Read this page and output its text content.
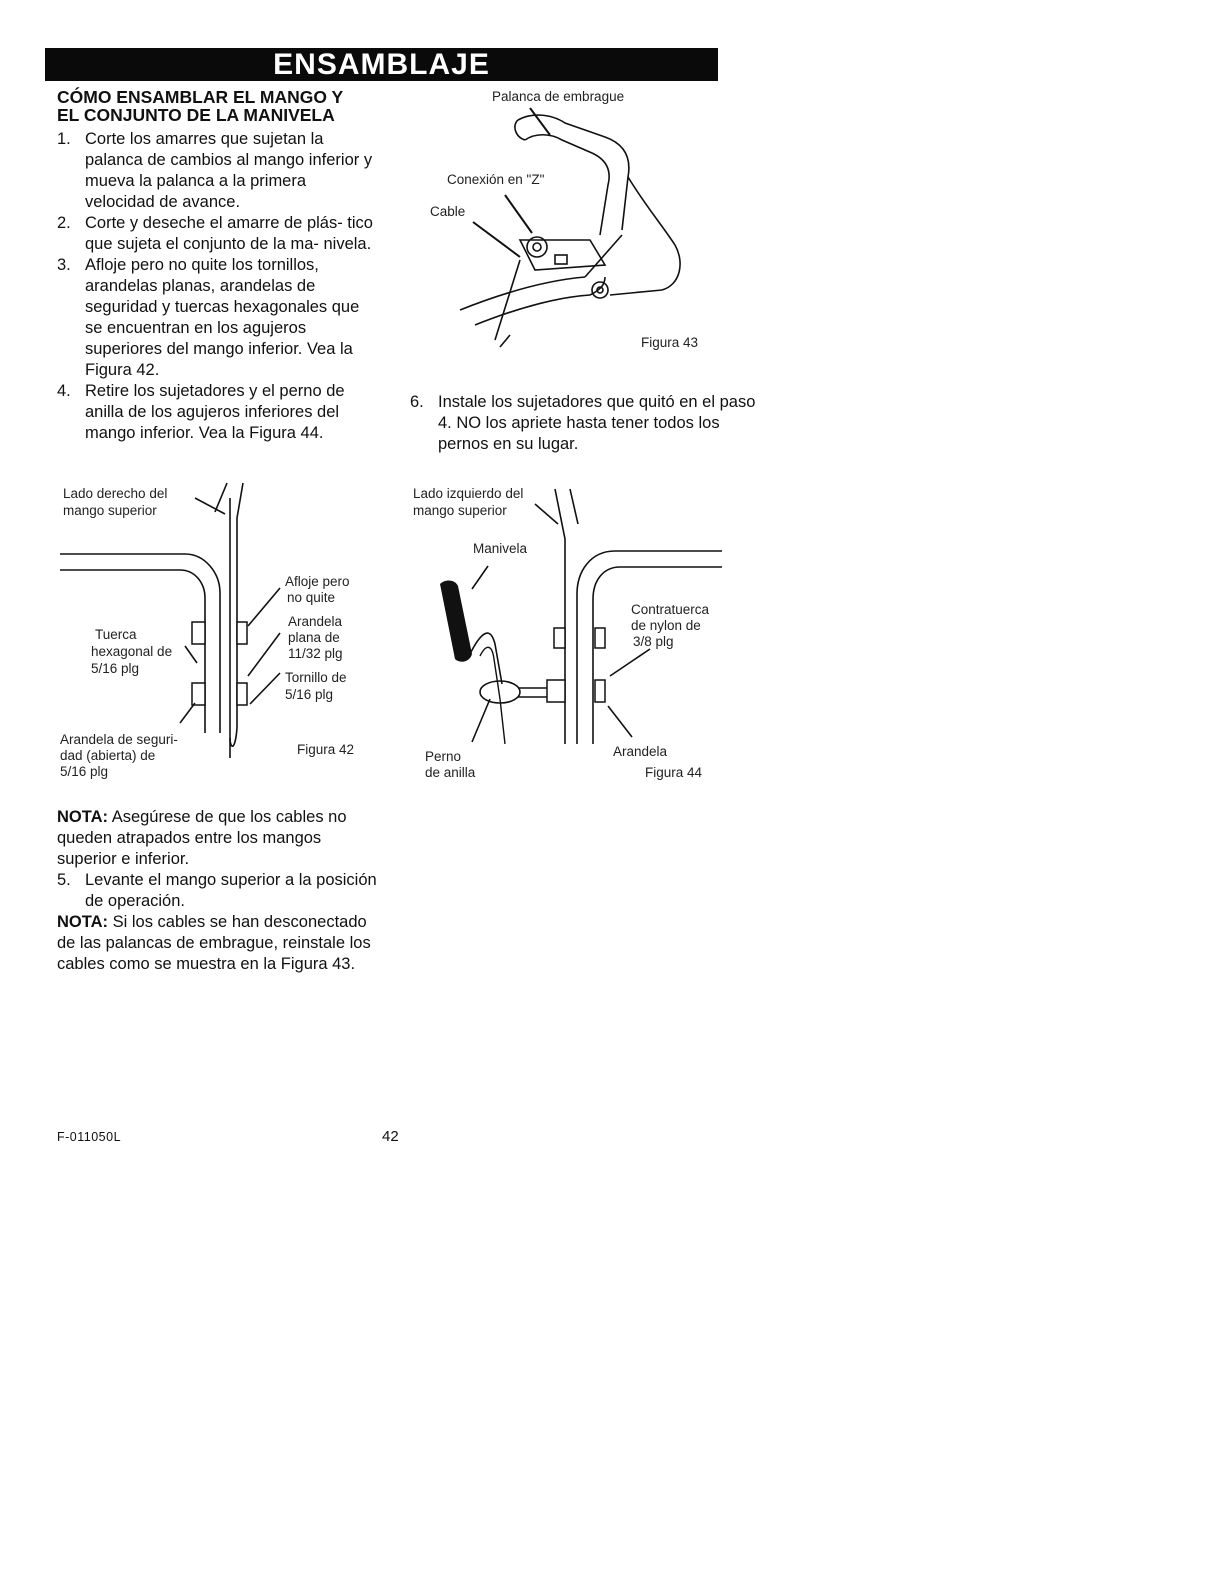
ENSAMBLAJE
CÓMO ENSAMBLAR EL MANGO Y
EL CONJUNTO DE LA MANIVELA
1. Corte los amarres que sujetan la palanca de cambios al mango inferior y mueva la palanca a la primera velocidad de avance.
2. Corte y deseche el amarre de plás- tico que sujeta el conjunto de la ma- nivela.
3. Afloje pero no quite los tornillos, arandelas planas, arandelas de seguridad y tuercas hexagonales que se encuentran en los agujeros superiores del mango inferior. Vea la Figura 42.
4. Retire los sujetadores y el perno de anilla de los agujeros inferiores del mango inferior. Vea la Figura 44.
6. Instale los sujetadores que quitó en el paso 4. NO los apriete hasta tener todos los pernos en su lugar.

NOTA: Asegúrese de que los cables no queden atrapados entre los mangos superior e inferior.

5. Levante el mango superior a la posición de operación.

NOTA: Si los cables se han desconectado de las palancas de embrague, reinstale los cables como se muestra en la Figura 43.

Palanca de embrague
Conexión en "Z"
Cable
Figura 43
Lado derecho del
mango superior
Afloje pero
no quite
Arandela
plana de
11/32 plg
Tornillo de
5/16 plg
Tuerca
hexagonal de
5/16 plg
Arandela de seguri-
dad (abierta) de
5/16 plg
Figura 42
Lado izquierdo del
mango superior
Manivela
Contratuerca
de nylon de
3/8 plg
Arandela
Perno
de anilla	Figura 44
F-011050L	42
